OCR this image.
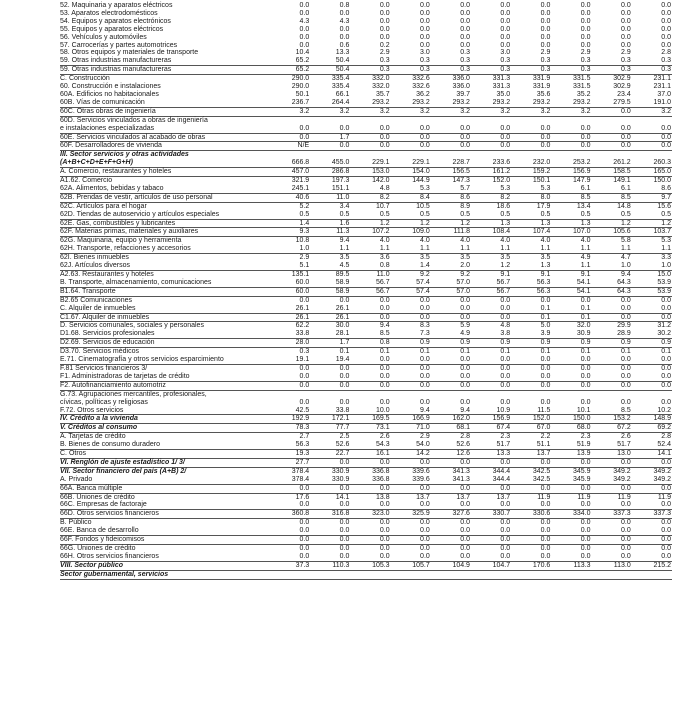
52. Maquinaria y aparatos eléctricos	0.0	0.8	0.0	0.0	0.0	0.0	0.0	0.0	0.0	0.0
53. Aparatos electrodomésticos	0.0	0.0	0.0	0.0	0.0	0.0	0.0	0.0	0.0	0.0
54. Equipos y aparatos electrónicos	4.3	4.3	0.0	0.0	0.0	0.0	0.0	0.0	0.0	0.0
55. Equipos y aparatos eléctricos	0.0	0.0	0.0	0.0	0.0	0.0	0.0	0.0	0.0	0.0
56. Vehículos y automóviles	0.0	0.0	0.0	0.0	0.0	0.0	0.0	0.0	0.0	0.0
57. Carrocerías y partes automotrices	0.0	0.6	0.2	0.0	0.0	0.0	0.0	0.0	0.0	0.0
58. Otros equipos y materiales de transporte	10.4	13.3	2.9	3.0	0.3	3.0	2.9	2.9	2.9	2.8
59. Otras industrias manufactureras	65.2	50.4	0.3	0.3	0.3	0.3	0.3	0.3	0.3	0.3
59. Otras industrias manufactureras	65.2	50.4	0.3	0.3	0.3	0.3	0.3	0.3	0.3	0.3
C. Construcción	290.0	335.4	332.0	332.6	336.0	331.3	331.9	331.5	302.9	231.1
60. Construcción e instalaciones	290.0	335.4	332.0	332.6	336.0	331.3	331.9	331.5	302.9	231.1
60A. Edificios no habitacionales	50.1	66.1	35.7	36.2	39.7	35.0	35.6	35.2	23.4	37.0
60B. Vías de comunicación	236.7	264.4	293.2	293.2	293.2	293.2	293.2	293.2	279.5	191.0
60C. Otras obras de ingeniería	3.2	3.2	3.2	3.2	3.2	3.2	3.2	3.2	0.0	3.2
60D. Servicios vinculados a obras de ingeniería										
e instalaciones especializadas	0.0	0.0	0.0	0.0	0.0	0.0	0.0	0.0	0.0	0.0
60E. Servicios vinculados al acabado de obras	0.0	1.7	0.0	0.0	0.0	0.0	0.0	0.0	0.0	0.0
60F. Desarrolladores de vivienda	N/E	0.0	0.0	0.0	0.0	0.0	0.0	0.0	0.0	0.0
III. Sector servicios y otras actividades										
(A+B+C+D+E+F+G+H)	666.8	455.0	229.1	229.1	228.7	233.6	232.0	253.2	261.2	260.3
A. Comercio, restaurantes y hoteles	457.0	286.8	153.0	154.0	156.5	161.2	159.2	156.9	158.5	165.0
A1.62. Comercio	321.9	197.3	142.0	144.9	147.3	152.0	150.1	147.9	149.1	150.0
62A. Alimentos, bebidas y tabaco	245.1	151.1	4.8	5.3	5.7	5.3	5.3	6.1	6.1	8.6
62B. Prendas de vestir, artículos de uso personal	40.6	11.0	8.2	8.4	8.6	8.2	8.0	8.5	8.5	9.7
62C. Artículos para el hogar	5.2	3.4	10.7	10.5	8.9	18.6	17.9	13.4	14.8	15.6
62D. Tiendas de autoservicio y artículos especiales	0.5	0.5	0.5	0.5	0.5	0.5	0.5	0.5	0.5	0.5
62E. Gas, combustibles y lubricantes	1.4	1.6	1.2	1.2	1.2	1.3	1.3	1.3	1.2	1.2
62F. Materias primas, materiales y auxiliares	9.3	11.3	107.2	109.0	111.8	108.4	107.4	107.0	105.6	103.7
62G. Maquinaria, equipo y herramienta	10.8	9.4	4.0	4.0	4.0	4.0	4.0	4.0	5.8	5.3
62H. Transporte, refacciones y accesorios	1.0	1.1	1.1	1.1	1.1	1.1	1.1	1.1	1.1	1.1
62I. Bienes inmuebles	2.9	3.5	3.6	3.5	3.5	3.5	3.5	4.9	4.7	3.3
62J. Artículos diversos	5.1	4.5	0.8	1.4	2.0	1.2	1.3	1.1	1.0	1.0
A2.63. Restaurantes y hoteles	135.1	89.5	11.0	9.2	9.2	9.1	9.1	9.1	9.4	15.0
B. Transporte, almacenamiento, comunicaciones	60.0	58.9	56.7	57.4	57.0	56.7	56.3	54.1	64.3	53.9
B1.64. Transporte	60.0	58.9	56.7	57.4	57.0	56.7	56.3	54.1	64.3	53.9
B2.65 Comunicaciones	0.0	0.0	0.0	0.0	0.0	0.0	0.0	0.0	0.0	0.0
C. Alquiler de inmuebles	26.1	26.1	0.0	0.0	0.0	0.0	0.1	0.1	0.0	0.0
C1.67. Alquiler de inmuebles	26.1	26.1	0.0	0.0	0.0	0.0	0.1	0.1	0.0	0.0
D. Servicios comunales, sociales y personales	62.2	30.0	9.4	8.3	5.9	4.8	5.0	32.0	29.9	31.2
D1.68. Servicios profesionales	33.8	28.1	8.5	7.3	4.9	3.8	3.9	30.9	28.9	30.2
D2.69. Servicios de educación	28.0	1.7	0.8	0.9	0.9	0.9	0.9	0.9	0.9	0.9
D3.70. Servicios médicos	0.3	0.1	0.1	0.1	0.1	0.1	0.1	0.1	0.1	0.1
E.71. Cinematografía y otros servicios esparcimiento	19.1	19.4	0.0	0.0	0.0	0.0	0.0	0.0	0.0	0.0
F.81 Servicios financieros 3/	0.0	0.0	0.0	0.0	0.0	0.0	0.0	0.0	0.0	0.0
F1. Administradoras de tarjetas de crédito	0.0	0.0	0.0	0.0	0.0	0.0	0.0	0.0	0.0	0.0
F2. Autofinanciamiento automotriz	0.0	0.0	0.0	0.0	0.0	0.0	0.0	0.0	0.0	0.0
G.73. Agrupaciones mercantiles, profesionales,										
cívicas, políticas y religiosas	0.0	0.0	0.0	0.0	0.0	0.0	0.0	0.0	0.0	0.0
F.72. Otros servicios	42.5	33.8	10.0	9.4	9.4	10.9	11.5	10.1	8.5	10.2
IV. Crédito a la vivienda	192.9	172.1	169.5	166.9	162.0	156.9	152.0	150.0	153.2	148.9
V. Créditos al consumo	78.3	77.7	73.1	71.0	68.1	67.4	67.0	68.0	67.2	69.2
A. Tarjetas de crédito	2.7	2.5	2.6	2.9	2.8	2.3	2.2	2.3	2.6	2.8
B. Bienes de consumo duradero	56.3	52.6	54.3	54.0	52.6	51.7	51.1	51.9	51.7	52.4
C. Otros	19.3	22.7	16.1	14.2	12.6	13.3	13.7	13.9	13.0	14.1
VI. Renglón de ajuste estadístico 1/ 3/	27.7	0.0	0.0	0.0	0.0	0.0	0.0	0.0	0.0	0.0
VII. Sector financiero del país (A+B) 2/	378.4	330.9	336.8	339.6	341.3	344.4	342.5	345.9	349.2	349.2
A. Privado	378.4	330.9	336.8	339.6	341.3	344.4	342.5	345.9	349.2	349.2
66A. Banca múltiple	0.0	0.0	0.0	0.0	0.0	0.0	0.0	0.0	0.0	0.0
66B. Uniones de crédito	17.6	14.1	13.8	13.7	13.7	13.7	11.9	11.9	11.9	11.9
66C. Empresas de factoraje	0.0	0.0	0.0	0.0	0.0	0.0	0.0	0.0	0.0	0.0
66D. Otros servicios financieros	360.8	316.8	323.0	325.9	327.6	330.7	330.6	334.0	337.3	337.3
B. Público	0.0	0.0	0.0	0.0	0.0	0.0	0.0	0.0	0.0	0.0
66E. Banca de desarrollo	0.0	0.0	0.0	0.0	0.0	0.0	0.0	0.0	0.0	0.0
66F. Fondos y fideicomisos	0.0	0.0	0.0	0.0	0.0	0.0	0.0	0.0	0.0	0.0
66G. Uniones de crédito	0.0	0.0	0.0	0.0	0.0	0.0	0.0	0.0	0.0	0.0
66H. Otros servicios financieros	0.0	0.0	0.0	0.0	0.0	0.0	0.0	0.0	0.0	0.0
VIII. Sector público	37.3	110.3	105.3	105.7	104.9	104.7	170.6	113.3	113.0	215.2
Sector gubernamental, servicios										
